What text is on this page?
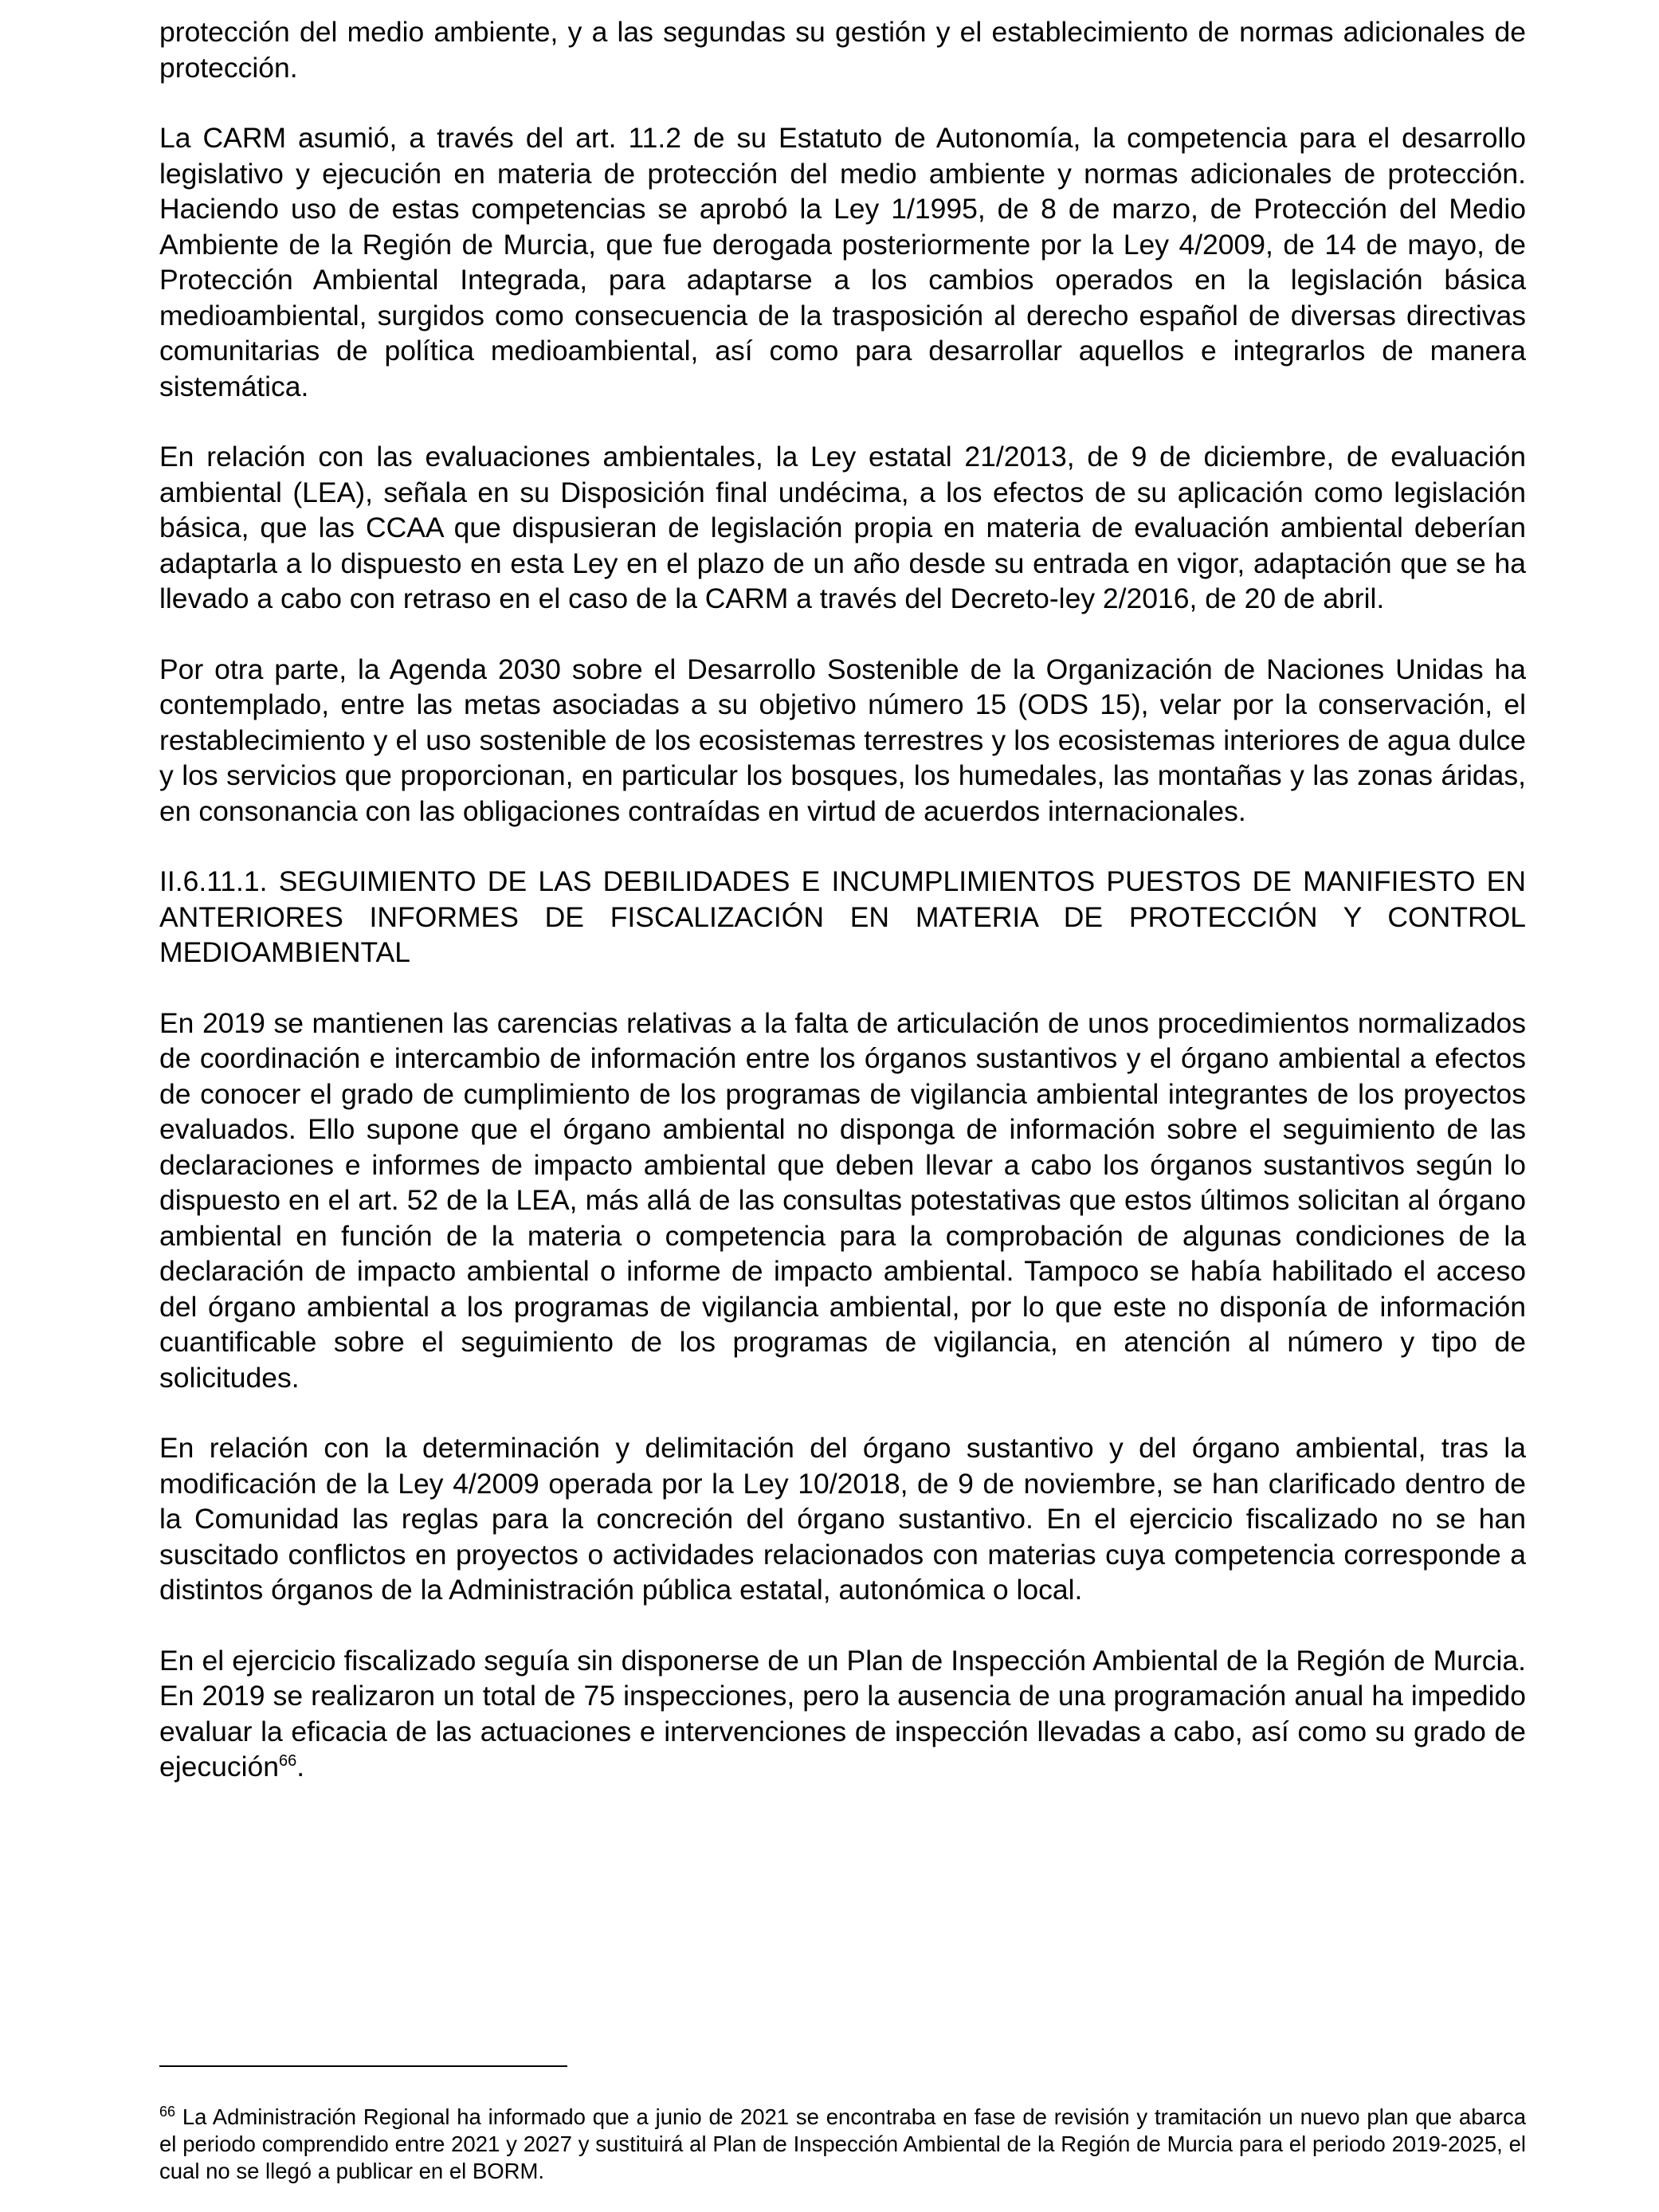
protección del medio ambiente, y a las segundas su gestión y el establecimiento de normas adicionales de protección.

La CARM asumió, a través del art. 11.2 de su Estatuto de Autonomía, la competencia para el desarrollo legislativo y ejecución en materia de protección del medio ambiente y normas adicionales de protección. Haciendo uso de estas competencias se aprobó la Ley 1/1995, de 8 de marzo, de Protección del Medio Ambiente de la Región de Murcia, que fue derogada posteriormente por la Ley 4/2009, de 14 de mayo, de Protección Ambiental Integrada, para adaptarse a los cambios operados en la legislación básica medioambiental, surgidos como consecuencia de la trasposición al derecho español de diversas directivas comunitarias de política medioambiental, así como para desarrollar aquellos e integrarlos de manera sistemática.

En relación con las evaluaciones ambientales, la Ley estatal 21/2013, de 9 de diciembre, de evaluación ambiental (LEA), señala en su Disposición final undécima, a los efectos de su aplicación como legislación básica, que las CCAA que dispusieran de legislación propia en materia de evaluación ambiental deberían adaptarla a lo dispuesto en esta Ley en el plazo de un año desde su entrada en vigor, adaptación que se ha llevado a cabo con retraso en el caso de la CARM a través del Decreto-ley 2/2016, de 20 de abril.

Por otra parte, la Agenda 2030 sobre el Desarrollo Sostenible de la Organización de Naciones Unidas ha contemplado, entre las metas asociadas a su objetivo número 15 (ODS 15), velar por la conservación, el restablecimiento y el uso sostenible de los ecosistemas terrestres y los ecosistemas interiores de agua dulce y los servicios que proporcionan, en particular los bosques, los humedales, las montañas y las zonas áridas, en consonancia con las obligaciones contraídas en virtud de acuerdos internacionales.

II.6.11.1. SEGUIMIENTO DE LAS DEBILIDADES E INCUMPLIMIENTOS PUESTOS DE MANIFIESTO EN ANTERIORES INFORMES DE FISCALIZACIÓN EN MATERIA DE PROTECCIÓN Y CONTROL MEDIOAMBIENTAL

En 2019 se mantienen las carencias relativas a la falta de articulación de unos procedimientos normalizados de coordinación e intercambio de información entre los órganos sustantivos y el órgano ambiental a efectos de conocer el grado de cumplimiento de los programas de vigilancia ambiental integrantes de los proyectos evaluados. Ello supone que el órgano ambiental no disponga de información sobre el seguimiento de las declaraciones e informes de impacto ambiental que deben llevar a cabo los órganos sustantivos según lo dispuesto en el art. 52 de la LEA, más allá de las consultas potestativas que estos últimos solicitan al órgano ambiental en función de la materia o competencia para la comprobación de algunas condiciones de la declaración de impacto ambiental o informe de impacto ambiental. Tampoco se había habilitado el acceso del órgano ambiental a los programas de vigilancia ambiental, por lo que este no disponía de información cuantificable sobre el seguimiento de los programas de vigilancia, en atención al número y tipo de solicitudes.

En relación con la determinación y delimitación del órgano sustantivo y del órgano ambiental, tras la modificación de la Ley 4/2009 operada por la Ley 10/2018, de 9 de noviembre, se han clarificado dentro de la Comunidad las reglas para la concreción del órgano sustantivo. En el ejercicio fiscalizado no se han suscitado conflictos en proyectos o actividades relacionados con materias cuya competencia corresponde a distintos órganos de la Administración pública estatal, autonómica o local.

En el ejercicio fiscalizado seguía sin disponerse de un Plan de Inspección Ambiental de la Región de Murcia. En 2019 se realizaron un total de 75 inspecciones, pero la ausencia de una programación anual ha impedido evaluar la eficacia de las actuaciones e intervenciones de inspección llevadas a cabo, así como su grado de ejecución$^{66}$.

$^{66}$ La Administración Regional ha informado que a junio de 2021 se encontraba en fase de revisión y tramitación un nuevo plan que abarca el periodo comprendido entre 2021 y 2027 y sustituirá al Plan de Inspección Ambiental de la Región de Murcia para el periodo 2019-2025, el cual no se llegó a publicar en el BORM.
